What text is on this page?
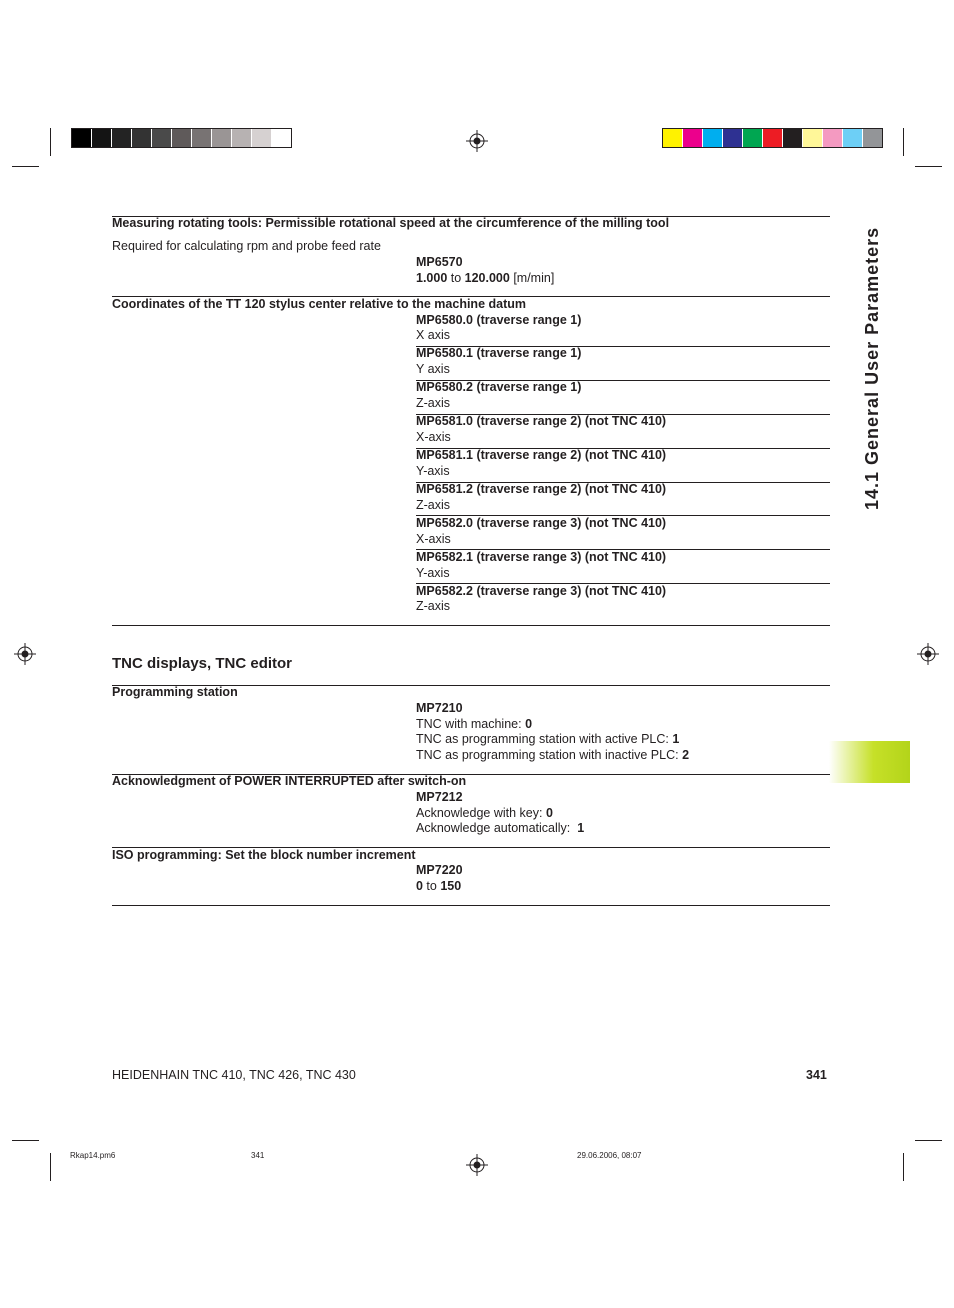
14.1 General User Parameters
Measuring rotating tools: Permissible rotational speed at the circumference of the milling tool
Required for calculating rpm and probe feed rate
MP6570
1.000 to 120.000 [m/min]
Coordinates of the TT 120 stylus center relative to the machine datum
MP6580.0 (traverse range 1)
X axis
MP6580.1 (traverse range 1)
Y axis
MP6580.2 (traverse range 1)
Z-axis
MP6581.0 (traverse range 2) (not TNC 410)
X-axis
MP6581.1 (traverse range 2) (not TNC 410)
Y-axis
MP6581.2 (traverse range 2) (not TNC 410)
Z-axis
MP6582.0 (traverse range 3) (not TNC 410)
X-axis
MP6582.1 (traverse range 3) (not TNC 410)
Y-axis
MP6582.2 (traverse range 3) (not TNC 410)
Z-axis
TNC displays, TNC editor
Programming station
MP7210
TNC with machine: 0
TNC as programming station with active PLC: 1
TNC as programming station with inactive PLC: 2
Acknowledgment of POWER INTERRUPTED after switch-on
MP7212
Acknowledge with key: 0
Acknowledge automatically:  1
ISO programming: Set the block number increment
MP7220
0 to 150
HEIDENHAIN TNC 410, TNC 426, TNC 430	341
Rkap14.pm6	341	29.06.2006, 08:07
